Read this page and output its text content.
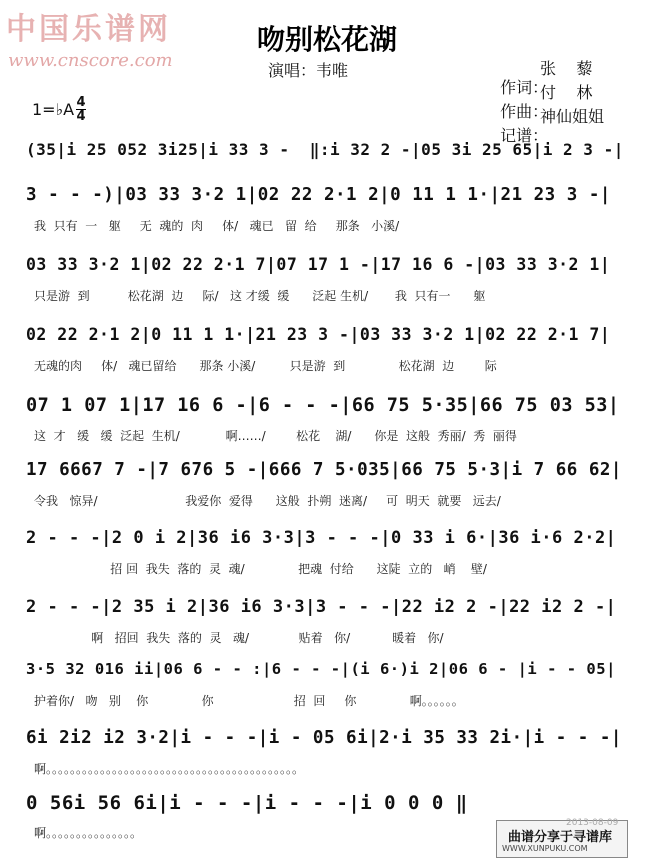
中国乐谱网
www.cnscore.com
吻别松花湖
演唱：韦唯

作词：
张    藜

作曲：
付    林

记谱：
神仙姐姐

1=♭A 4
4
(35|i 25 052 3i25|i 33 3 -  ‖:i 32 2 -|05 3i 25 65|i 2 3 -|
3 - - -)|03 33 3·2 1|02 22 2·1 2|0 11 1 1·|21 23 3 -|
我  只有  一   躯     无  魂的  肉     体/   魂已   留  给     那条   小溪/
03 33 3·2 1|02 22 2·1 7|07 17 1 -|17 16 6 -|03 33 3·2 1|
只是游  到          松花湖  边     际/   这 才缓  缓      泛起 生机/       我  只有一      躯
02 22 2·1 2|0 11 1 1·|21 23 3 -|03 33 3·2 1|02 22 2·1 7|
无魂的肉     体/   魂已留给      那条 小溪/         只是游  到              松花湖  边        际
07 1 07 1|17 16 6 -|6 - - -|66 75 5·35|66 75 03 53|
这  才   缓   缓  泛起  生机/            啊……/        松花    湖/      你是  这般  秀丽/  秀  丽得
17 6667 7 -|7 676 5 -|666 7 5·035|66 75 5·3|i 7 66 62|
令我   惊异/                       我爱你  爱得      这般  扑朔  迷离/     可  明天  就要   远去/
2 - - -|2 0 i 2|36 i6 3·3|3 - - -|0 33 i 6·|36 i·6 2·2|
招 回  我失  落的  灵  魂/              把魂  付给      这陡  立的   峭    壁/
2 - - -|2 35 i 2|36 i6 3·3|3 - - -|22 i2 2 -|22 i2 2 -|
啊   招回  我失  落的  灵   魂/             贴着   你/           暖着   你/
3·5 32 016 ii|06 6 - - :|6 - - -|(i 6·)i 2|06 6 - |i - - 05|
护着你/   吻   别    你              你                     招  回     你              啊。。。。。。
6i 2i2 i2 3·2|i - - -|i - 05 6i|2·i 35 33 2i·|i - - -|
啊。。。。。。。。。。。。。。。。。。。。。。。。。。。。。。。。。。。。。。。。。。
0 56i 56 6i|i - - -|i - - -|i 0 0 0 ‖
啊。。。。。。。。。。。。。。。
2013-08-09
曲谱分享于寻谱库
WWW.XUNPUKU.COM
